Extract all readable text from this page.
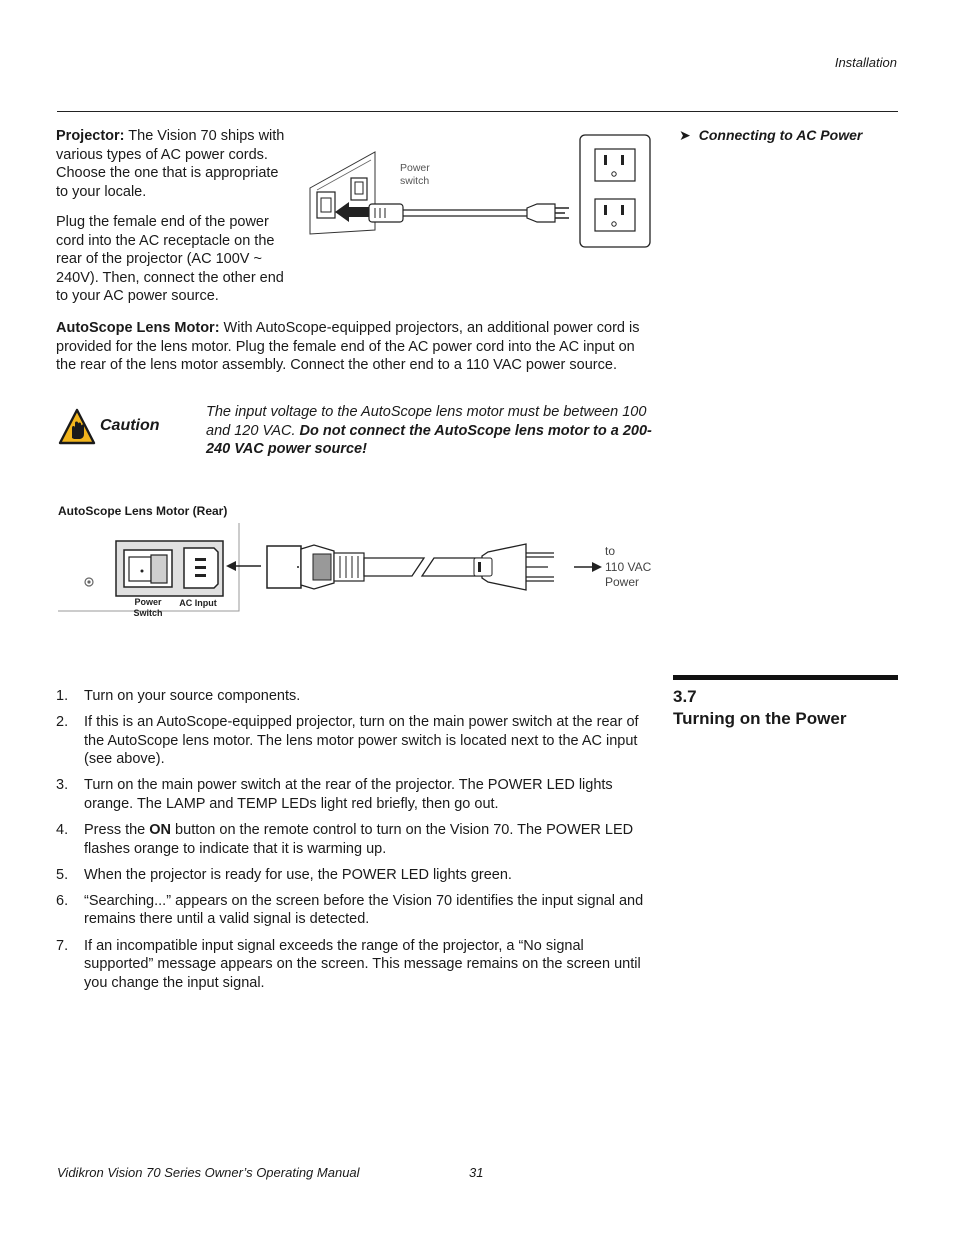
Installation
Projector: The Vision 70 ships with various types of AC power cords. Choose the one that is appropriate to your locale.
Plug the female end of the power cord into the AC receptacle on the rear of the projector (AC 100V ~ 240V). Then, connect the other end to your AC power source.
Power
switch
➤ Connecting to AC Power
AutoScope Lens Motor: With AutoScope-equipped projectors, an additional power cord is provided for the lens motor. Plug the female end of the AC power cord into the AC input on the rear of the lens motor assembly. Connect the other end to a 110 VAC power source.
Caution
The input voltage to the AutoScope lens motor must be between 100 and 120 VAC. Do not connect the AutoScope lens motor to a 200-240 VAC power source!
AutoScope Lens Motor (Rear)
Power
Switch
AC Input
to
110 VAC
Power
3.7
Turning on the Power
1. Turn on your source components.
2. If this is an AutoScope-equipped projector, turn on the main power switch at the rear of the AutoScope lens motor. The lens motor power switch is located next to the AC input (see above).
3. Turn on the main power switch at the rear of the projector. The POWER LED lights orange. The LAMP and TEMP LEDs light red briefly, then go out.
4. Press the ON button on the remote control to turn on the Vision 70. The POWER LED flashes orange to indicate that it is warming up.
5. When the projector is ready for use, the POWER LED lights green.
6. “Searching...” appears on the screen before the Vision 70 identifies the input signal and remains there until a valid signal is detected.
7. If an incompatible input signal exceeds the range of the projector, a “No signal supported” message appears on the screen. This message remains on the screen until you change the input signal.
Vidikron Vision 70 Series Owner’s Operating Manual	31
